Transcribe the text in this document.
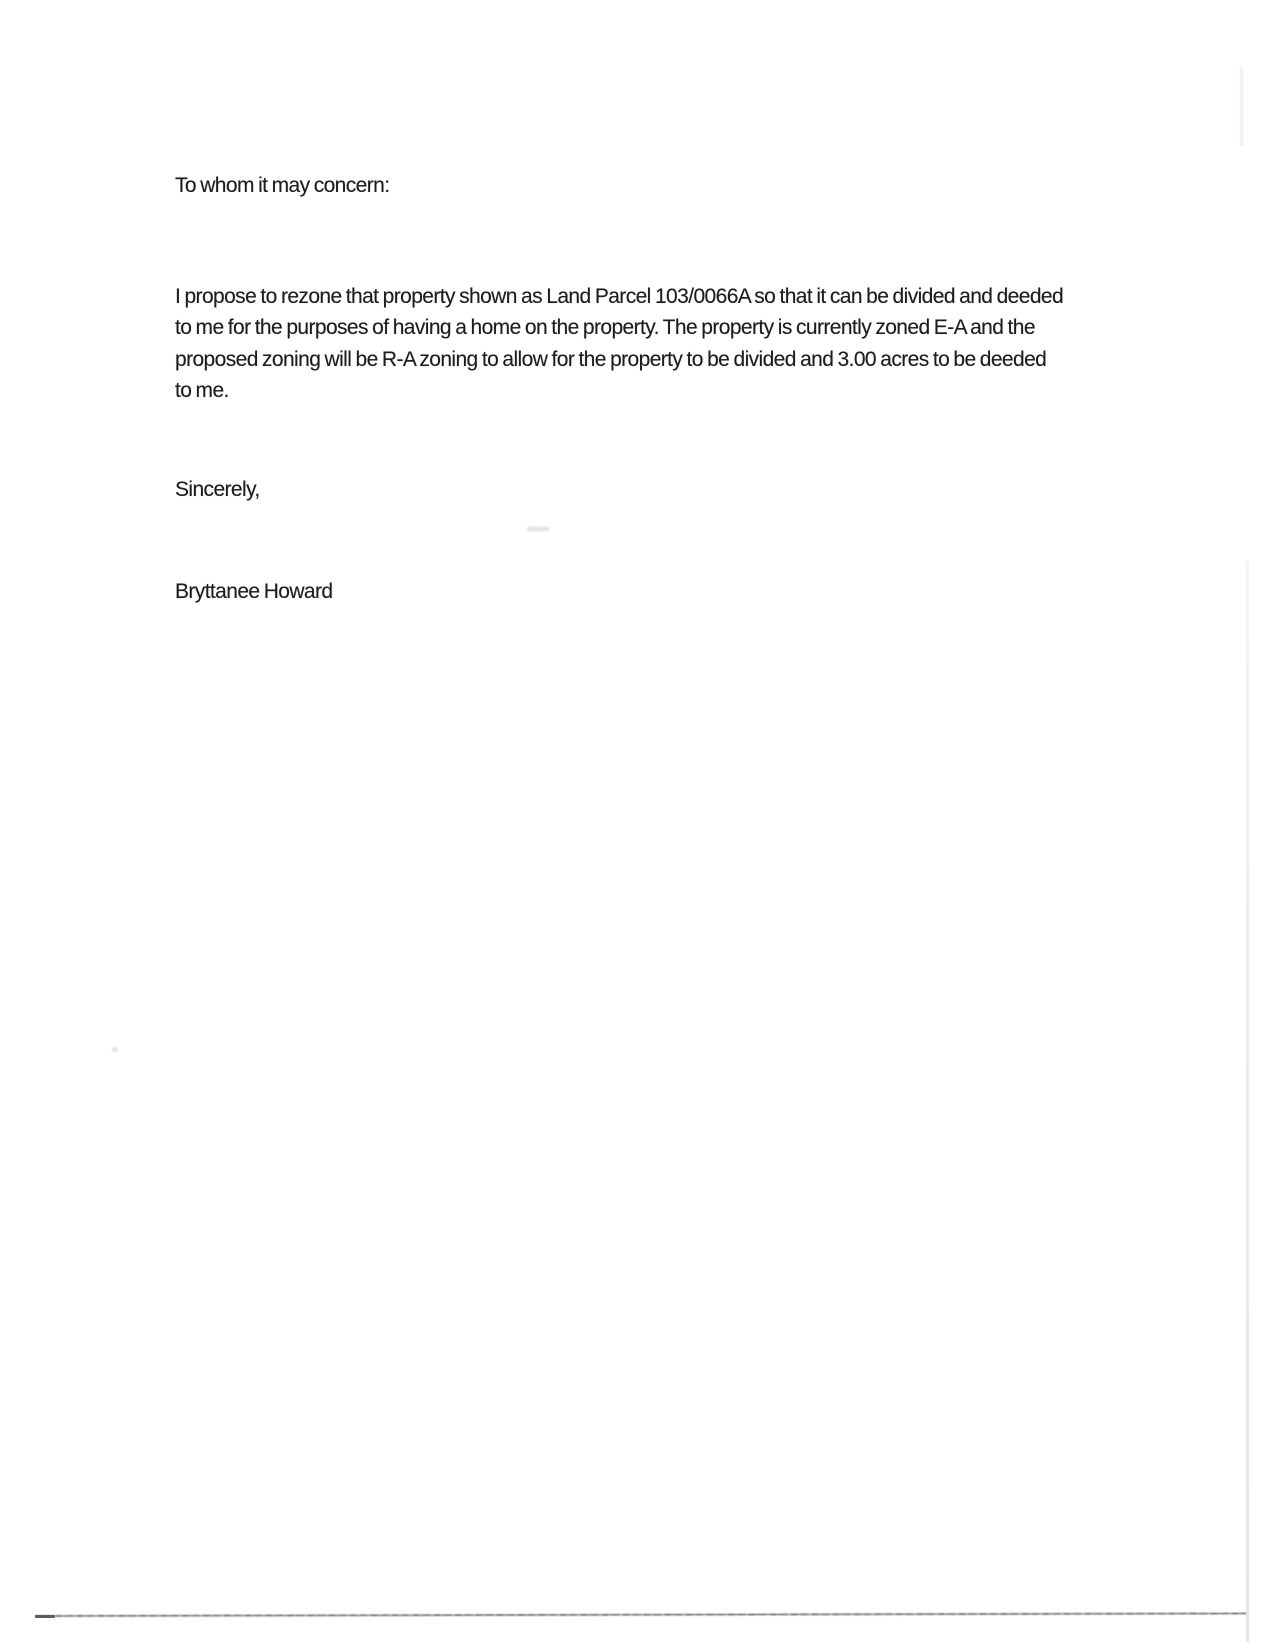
To whom it may concern:
I propose to rezone that property shown as Land Parcel 103/0066A so that it can be divided and deeded
to me for the purposes of having a home on the property. The property is currently zoned E-A and the
proposed zoning will be R-A zoning to allow for the property to be divided and 3.00 acres to be deeded
to me.
Sincerely,
Bryttanee Howard
